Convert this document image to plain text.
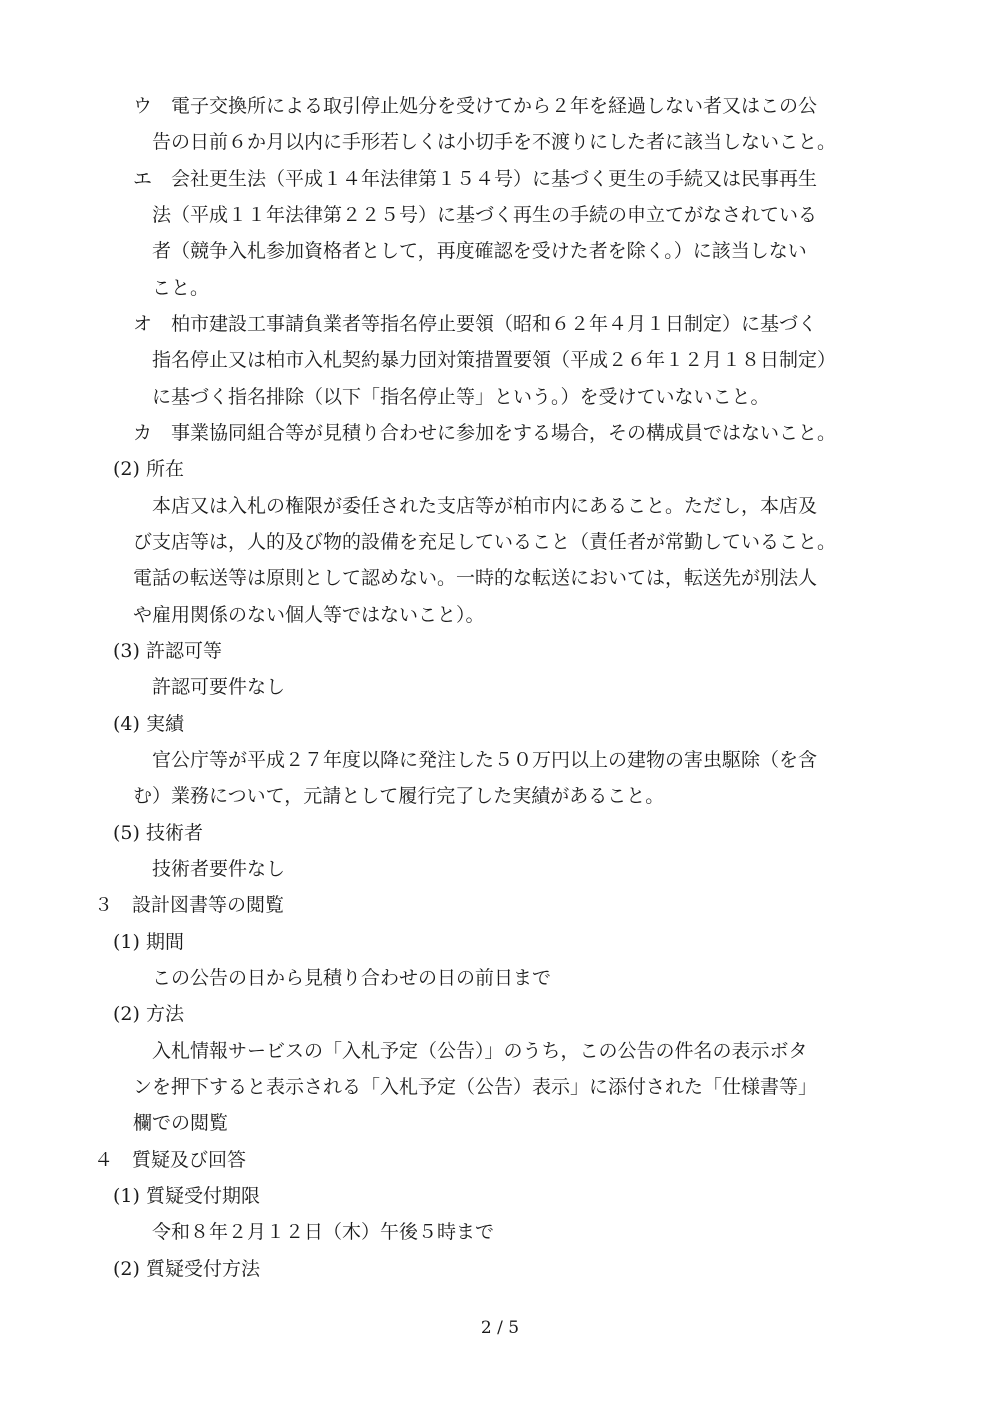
ウ　電子交換所による取引停止処分を受けてから２年を経過しない者又はこの公
告の日前６か月以内に手形若しくは小切手を不渡りにした者に該当しないこと。
エ　会社更生法（平成１４年法律第１５４号）に基づく更生の手続又は民事再生
法（平成１１年法律第２２５号）に基づく再生の手続の申立てがなされている
者（競争入札参加資格者として，再度確認を受けた者を除く。）に該当しない
こと。
オ　柏市建設工事請負業者等指名停止要領（昭和６２年４月１日制定）に基づく
指名停止又は柏市入札契約暴力団対策措置要領（平成２６年１２月１８日制定）
に基づく指名排除（以下「指名停止等」という。）を受けていないこと。
カ　事業協同組合等が見積り合わせに参加をする場合，その構成員ではないこと。
(2) 所在
本店又は入札の権限が委任された支店等が柏市内にあること。ただし，本店及
び支店等は，人的及び物的設備を充足していること（責任者が常勤していること。
電話の転送等は原則として認めない。一時的な転送においては，転送先が別法人
や雇用関係のない個人等ではないこと）。
(3) 許認可等
許認可要件なし
(4) 実績
官公庁等が平成２７年度以降に発注した５０万円以上の建物の害虫駆除（を含
む）業務について，元請として履行完了した実績があること。
(5) 技術者
技術者要件なし
３　設計図書等の閲覧
(1) 期間
この公告の日から見積り合わせの日の前日まで
(2) 方法
入札情報サービスの「入札予定（公告）」のうち，この公告の件名の表示ボタ
ンを押下すると表示される「入札予定（公告）表示」に添付された「仕様書等」
欄での閲覧
４　質疑及び回答
(1) 質疑受付期限
令和８年２月１２日（木）午後５時まで
(2) 質疑受付方法
2 / 5
